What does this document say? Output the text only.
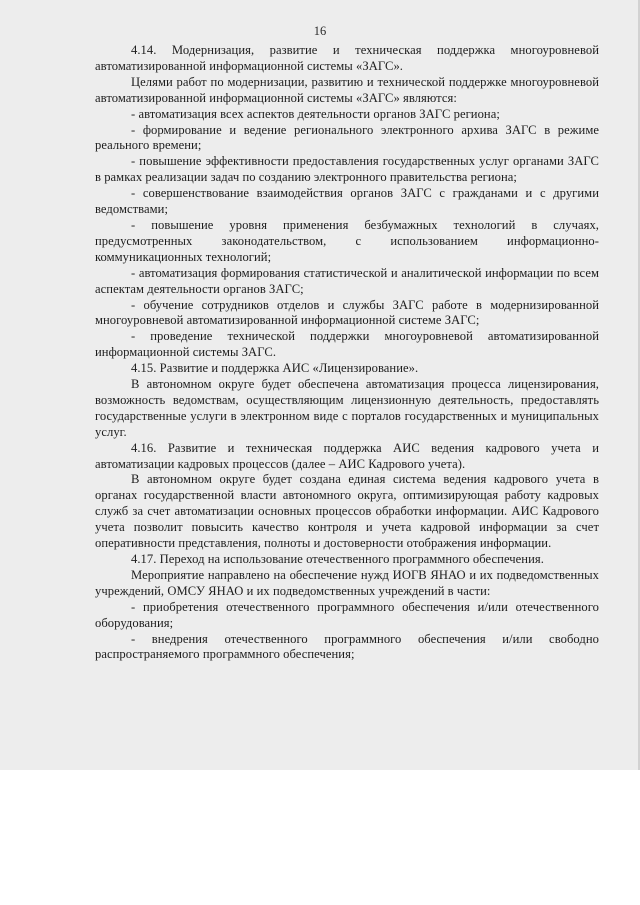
16

4.14. Модернизация, развитие и техническая поддержка многоуровневой автоматизированной информационной системы «ЗАГС».

Целями работ по модернизации, развитию и технической поддержке многоуровневой автоматизированной информационной системы «ЗАГС» являются:

- автоматизация всех аспектов деятельности органов ЗАГС региона;

- формирование и ведение регионального электронного архива ЗАГС в режиме реального времени;

- повышение эффективности предоставления государственных услуг органами ЗАГС в рамках реализации задач по созданию электронного правительства региона;

- совершенствование взаимодействия органов ЗАГС с гражданами и с другими ведомствами;

- повышение уровня применения безбумажных технологий в случаях, предусмотренных законодательством, с использованием информационно-коммуникационных технологий;

- автоматизация формирования статистической и аналитической информации по всем аспектам деятельности органов ЗАГС;

- обучение сотрудников отделов и службы ЗАГС работе в модернизированной многоуровневой автоматизированной информационной системе ЗАГС;

- проведение технической поддержки многоуровневой автоматизированной информационной системы ЗАГС.

4.15. Развитие и поддержка АИС «Лицензирование».

В автономном округе будет обеспечена автоматизация процесса лицензирования, возможность ведомствам, осуществляющим лицензионную деятельность, предоставлять государственные услуги в электронном виде с порталов государственных и муниципальных услуг.

4.16. Развитие и техническая поддержка АИС ведения кадрового учета и автоматизации кадровых процессов (далее – АИС Кадрового учета).

В автономном округе будет создана единая система ведения кадрового учета в органах государственной власти автономного округа, оптимизирующая работу кадровых служб за счет автоматизации основных процессов обработки информации. АИС Кадрового учета позволит повысить качество контроля и учета кадровой информации за счет оперативности представления, полноты и достоверности отображения информации.

4.17. Переход на использование отечественного программного обеспечения.

Мероприятие направлено на обеспечение нужд ИОГВ ЯНАО и их подведомственных учреждений, ОМСУ ЯНАО и их подведомственных учреждений в части:

- приобретения отечественного программного обеспечения и/или отечественного оборудования;

- внедрения отечественного программного обеспечения и/или свободно распространяемого программного обеспечения;
